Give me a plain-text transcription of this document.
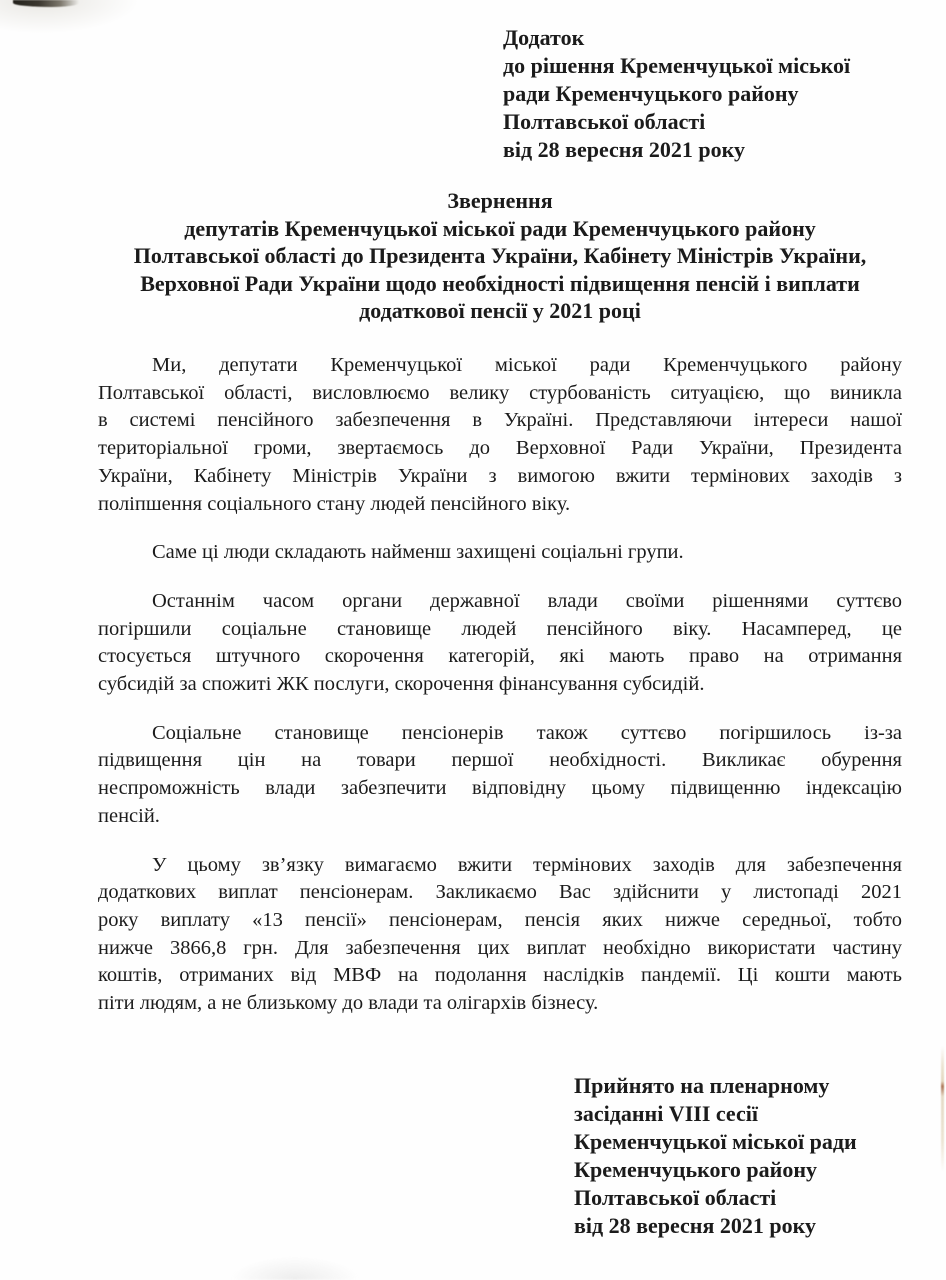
Додаток
до рішення Кременчуцької міської
ради Кременчуцького району
Полтавської області
від 28 вересня 2021 року
Звернення
депутатів Кременчуцької міської ради Кременчуцького району
Полтавської області до Президента України, Кабінету Міністрів України,
Верховної Ради України щодо необхідності підвищення пенсій і виплати
додаткової пенсії у 2021 році
Ми, депутати Кременчуцької міської ради Кременчуцького району
Полтавської області, висловлюємо велику стурбованість ситуацією, що виникла
в системі пенсійного забезпечення в Україні. Представляючи інтереси нашої
територіальної громи, звертаємось до Верховної Ради України, Президента
України, Кабінету Міністрів України з вимогою вжити термінових заходів з
поліпшення соціального стану людей пенсійного віку.
Саме ці люди складають найменш захищені соціальні групи.
Останнім часом органи державної влади своїми рішеннями суттєво
погіршили соціальне становище людей пенсійного віку. Насамперед, це
стосується штучного скорочення категорій, які мають право на отримання
субсидій за спожиті ЖК послуги, скорочення фінансування субсидій.
Соціальне становище пенсіонерів також суттєво погіршилось із-за
підвищення цін на товари першої необхідності. Викликає обурення
неспроможність влади забезпечити відповідну цьому підвищенню індексацію
пенсій.
У цьому зв’язку вимагаємо вжити термінових заходів для забезпечення
додаткових виплат пенсіонерам. Закликаємо Вас здійснити у листопаді 2021
року виплату «13 пенсії» пенсіонерам, пенсія яких нижче середньої, тобто
нижче 3866,8 грн. Для забезпечення цих виплат необхідно використати частину
коштів, отриманих від МВФ на подолання наслідків пандемії. Ці кошти мають
піти людям, а не близькому до влади та олігархів бізнесу.
Прийнято на пленарному
засіданні VIII сесії
Кременчуцької міської ради
Кременчуцького району
Полтавської області
від 28 вересня 2021 року
